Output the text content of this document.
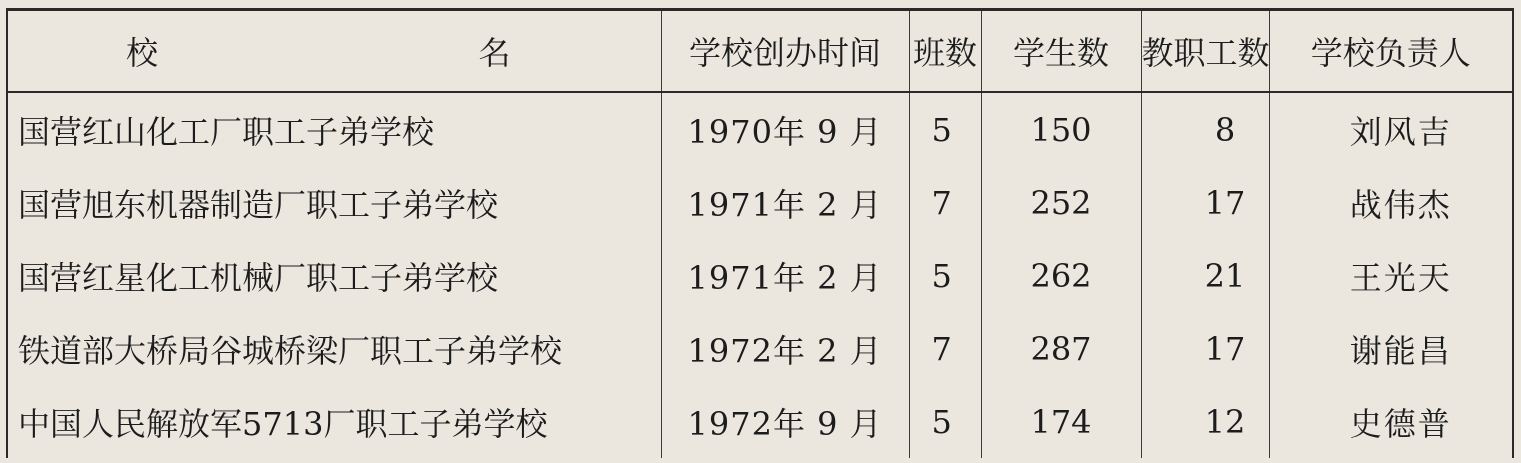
校 名	学校创办时间	班数	学生数	教职工数	学校负责人
国营红山化工厂职工子弟学校	1970年 9 月	5	150	8	刘风吉
国营旭东机器制造厂职工子弟学校	1971年 2 月	7	252	17	战伟杰
国营红星化工机械厂职工子弟学校	1971年 2 月	5	262	21	王光天
铁道部大桥局谷城桥梁厂职工子弟学校	1972年 2 月	7	287	17	谢能昌
中国人民解放军5713厂职工子弟学校	1972年 9 月	5	174	12	史德普
